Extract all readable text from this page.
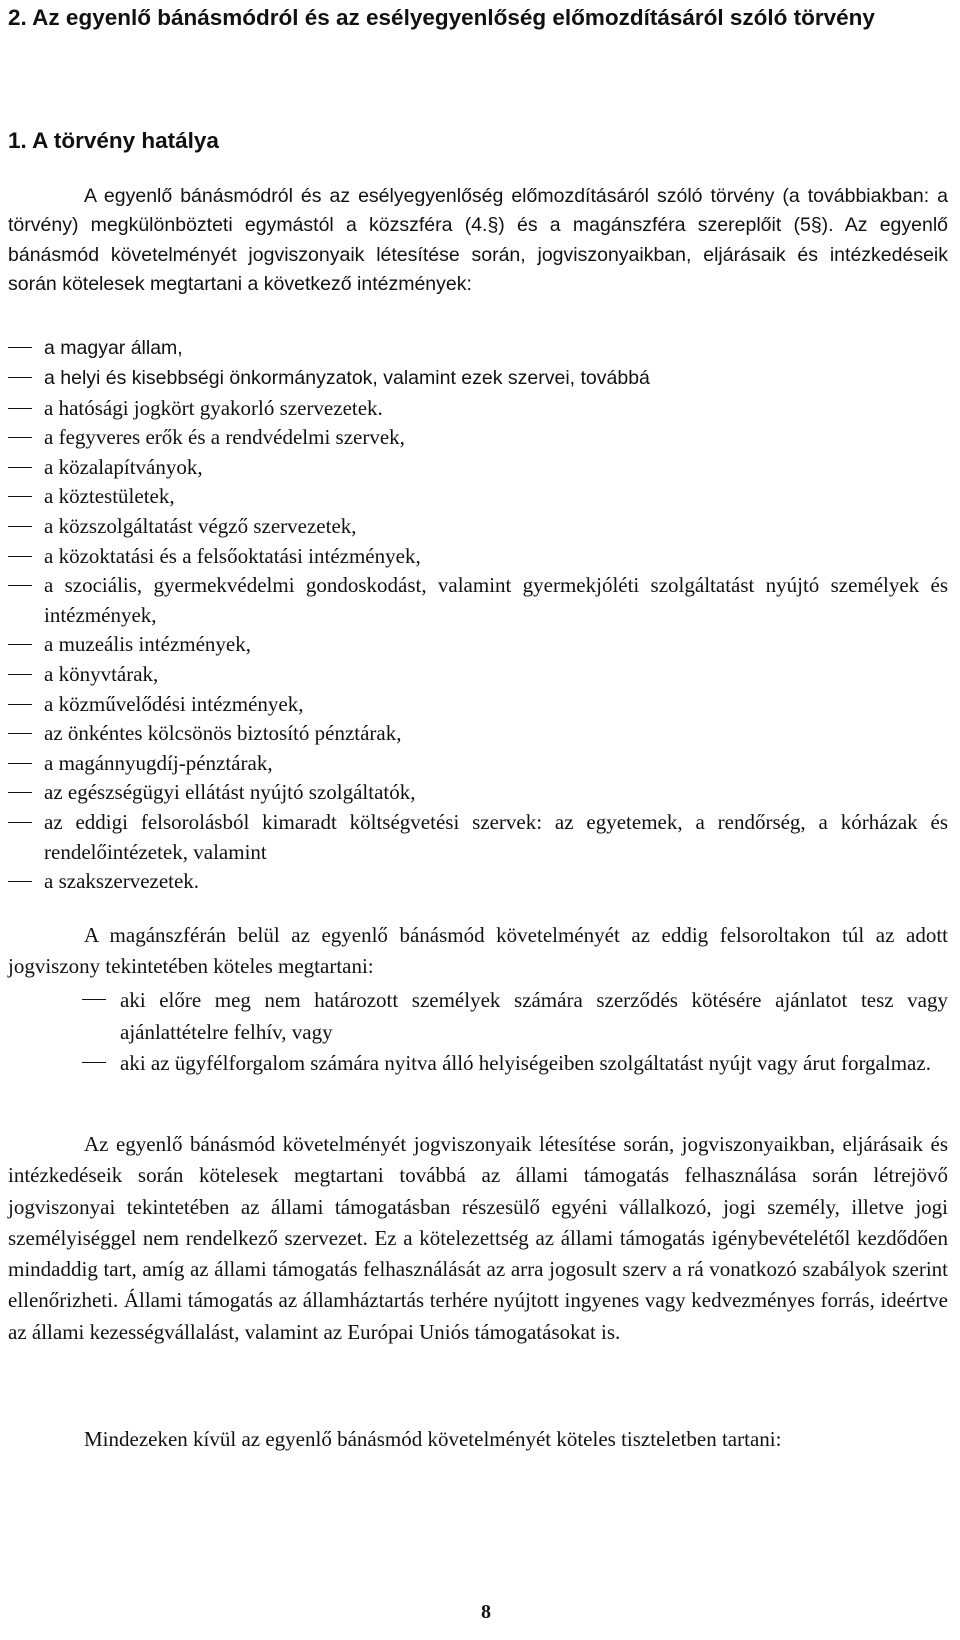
2. Az egyenlő bánásmódról és az esélyegyenlőség előmozdításáról szóló törvény
1. A törvény hatálya
A egyenlő bánásmódról és az esélyegyenlőség előmozdításáról szóló törvény (a továbbiakban: a törvény) megkülönbözteti egymástól a közszféra (4.§) és a magánszféra szereplőit (5§). Az egyenlő bánásmód követelményét jogviszonyaik létesítése során, jogviszonyaikban, eljárásaik és intézkedéseik során kötelesek megtartani a következő intézmények:
a magyar állam,
a helyi és kisebbségi önkormányzatok, valamint ezek szervei, továbbá
a hatósági jogkört gyakorló szervezetek.
a fegyveres erők és a rendvédelmi szervek,
a közalapítványok,
a köztestületek,
a közszolgáltatást végző szervezetek,
a közoktatási és a felsőoktatási intézmények,
a szociális, gyermekvédelmi gondoskodást, valamint gyermekjóléti szolgáltatást nyújtó személyek és intézmények,
a muzeális intézmények,
a könyvtárak,
a közművelődési intézmények,
az önkéntes kölcsönös biztosító pénztárak,
a magánnyugdíj-pénztárak,
az egészségügyi ellátást nyújtó szolgáltatók,
az eddigi felsorolásból kimaradt költségvetési szervek: az egyetemek, a rendőrség, a kórházak és rendelőintézetek, valamint
a szakszervezetek.
A magánszférán belül az egyenlő bánásmód követelményét az eddig felsoroltakon túl az adott jogviszony tekintetében köteles megtartani:
aki előre meg nem határozott személyek számára szerződés kötésére ajánlatot tesz vagy ajánlattételre felhív, vagy
aki az ügyfélforgalom számára nyitva álló helyiségeiben szolgáltatást nyújt vagy árut forgalmaz.
Az egyenlő bánásmód követelményét jogviszonyaik létesítése során, jogviszonyaikban, eljárásaik és intézkedéseik során kötelesek megtartani továbbá az állami támogatás felhasználása során létrejövő jogviszonyai tekintetében az állami támogatásban részesülő egyéni vállalkozó, jogi személy, illetve jogi személyiséggel nem rendelkező szervezet. Ez a kötelezettség az állami támogatás igénybevételétől kezdődően mindaddig tart, amíg az állami támogatás felhasználását az arra jogosult szerv a rá vonatkozó szabályok szerint ellenőrizheti. Állami támogatás az államháztartás terhére nyújtott ingyenes vagy kedvezményes forrás, ideértve az állami kezességvállalást, valamint az Európai Uniós támogatásokat is.
Mindezeken kívül az egyenlő bánásmód követelményét köteles tiszteletben tartani:
8
